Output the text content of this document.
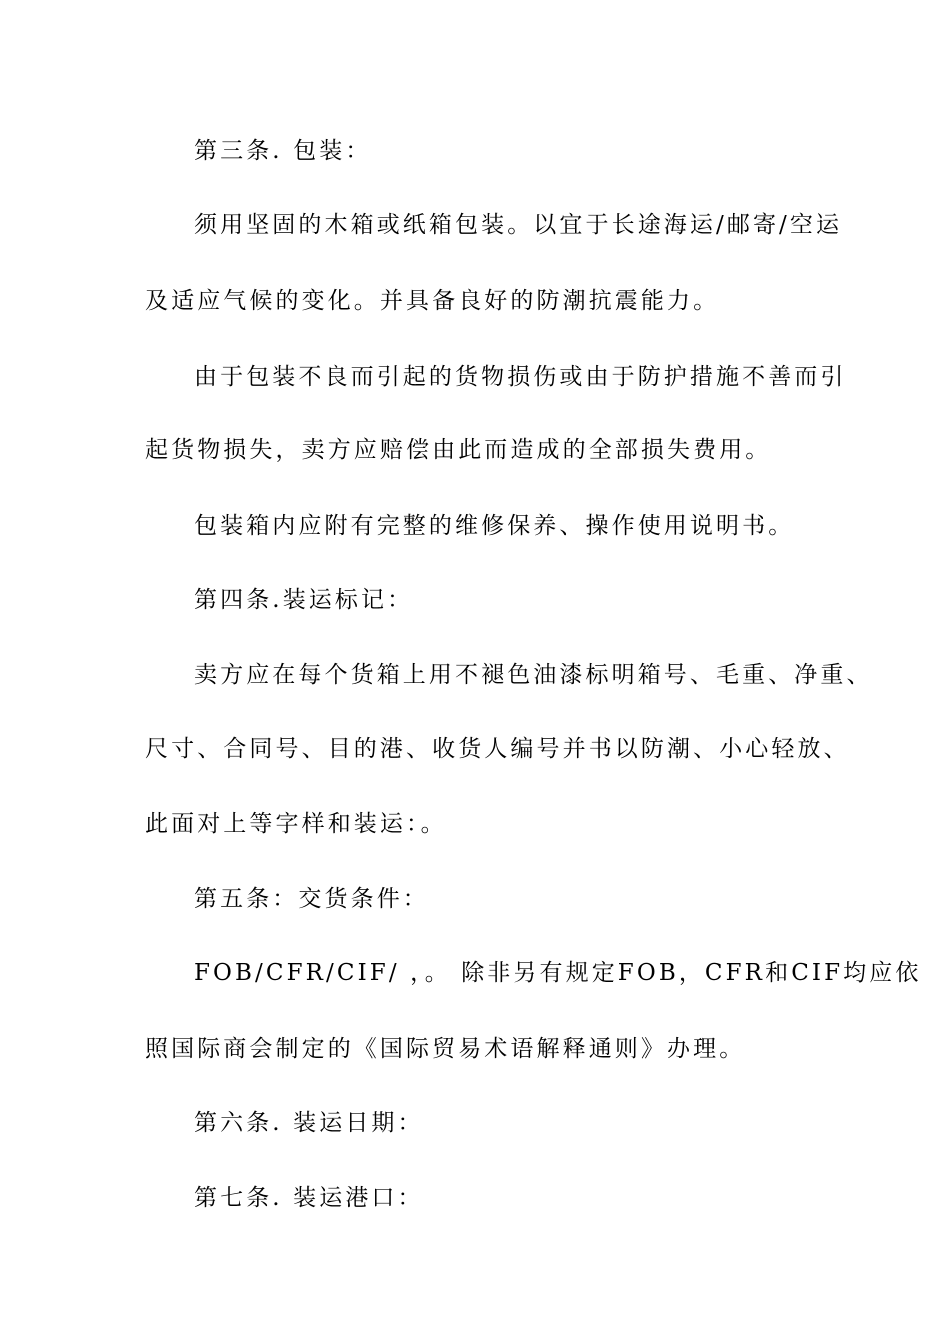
第三条. 包装：
须用坚固的木箱或纸箱包装。以宜于长途海运/邮寄/空运
及适应气候的变化。并具备良好的防潮抗震能力。
由于包装不良而引起的货物损伤或由于防护措施不善而引
起货物损失，卖方应赔偿由此而造成的全部损失费用。
包装箱内应附有完整的维修保养、操作使用说明书。
第四条.装运标记：
卖方应在每个货箱上用不褪色油漆标明箱号、毛重、净重、
尺寸、合同号、目的港、收货人编号并书以防潮、小心轻放、
此面对上等字样和装运：。
第五条：交货条件：
FOB/CFR/CIF/ ，。 除非另有规定FOB，CFR和CIF均应依
照国际商会制定的《国际贸易术语解释通则》办理。
第六条. 装运日期：
第七条. 装运港口：
